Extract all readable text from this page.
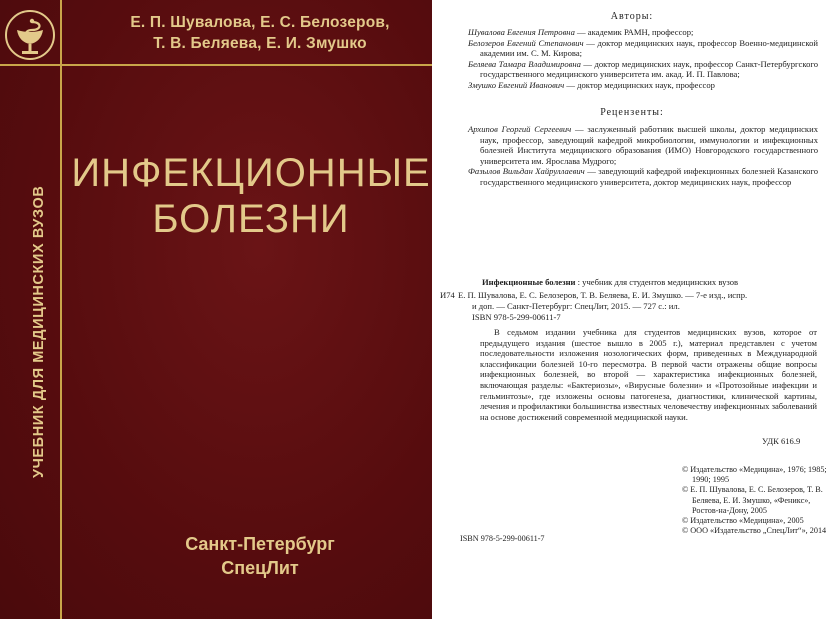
Е. П. Шувалова, Е. С. Белозеров,
Т. В. Беляева, Е. И. Змушко
ИНФЕКЦИОННЫЕ
БОЛЕЗНИ
УЧЕБНИК ДЛЯ МЕДИЦИНСКИХ ВУЗОВ
Санкт-Петербург
СпецЛит
Авторы:

Шувалова Евгения Петровна — академик РАМН, профессор;

Белозеров Евгений Степанович — доктор медицинских наук, профессор Военно-медицинской академии им. С. М. Кирова;

Беляева Тамара Владимировна — доктор медицинских наук, профессор Санкт-Петербургского государственного медицинского университета им. акад. И. П. Павлова;

Змушко Евгений Иванович — доктор медицинских наук, профессор

Рецензенты:

Архипов Георгий Сергеевич — заслуженный работник высшей школы, доктор медицинских наук, профессор, заведующий кафедрой микробиологии, иммунологии и инфекционных болезней Института медицинского образования (ИМО) Новгородского государственного университета им. Ярослава Мудрого;

Фазылов Вильдан Хайруллаевич — заведующий кафедрой инфекционных болезней Казанского государственного медицинского университета, доктор медицинских наук, профессор

Инфекционные болезни : учебник для студентов медицинских вузов
И74 Е. П. Шувалова, Е. С. Белозеров, Т. В. Беляева, Е. И. Змушко. — 7-е изд., испр.
и доп. — Санкт-Петербург: СпецЛит, 2015. — 727 с.: ил.
ISBN 978-5-299-00611-7
В седьмом издании учебника для студентов медицинских вузов, которое от предыдущего издания (шестое вышло в 2005 г.), материал представлен с учетом последовательности изложения нозологических форм, приведенных в Международной классификации болезней 10-го пересмотра. В первой части отражены общие вопросы инфекционных болезней, во второй — характеристика инфекционных болезней, включающая разделы: «Бактериозы», «Вирусные болезни» и «Протозойные инфекции и гельминтозы», где изложены основы патогенеза, диагностики, клинической картины, лечения и профилактики большинства известных человечеству инфекционных заболеваний на основе достижений современной медицинской науки.
УДК 616.9
© Издательство «Медицина», 1976; 1985; 1990; 1995
© Е. П. Шувалова, Е. С. Белозеров, Т. В. Беляева, Е. И. Змушко, «Феникс», Ростов-на-Дону, 2005
© Издательство «Медицина», 2005
© ООО «Издательство „СпецЛит“», 2014
ISBN 978-5-299-00611-7
